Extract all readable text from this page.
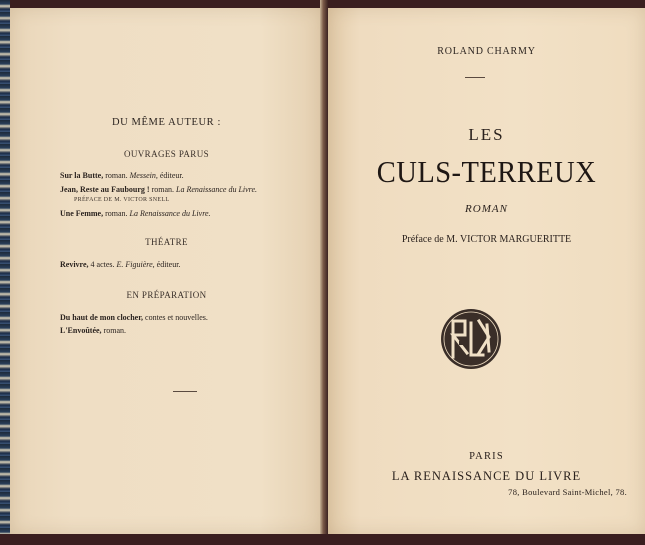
DU MÊME AUTEUR :
OUVRAGES PARUS
Sur la Butte, roman. Messein, éditeur.
Jean, Reste au Faubourg ! roman. La Renaissance du Livre.
PRÉFACE DE M. VICTOR SNELL
Une Femme, roman. La Renaissance du Livre.
THÉATRE
Revivre, 4 actes. E. Figuière, éditeur.
EN PRÉPARATION
Du haut de mon clocher, contes et nouvelles.
L'Envoûtée, roman.
ROLAND CHARMY
LES
CULS-TERREUX
ROMAN
Préface de M. VICTOR MARGUERITTE
PARIS
LA RENAISSANCE DU LIVRE
78, Boulevard Saint-Michel, 78.
